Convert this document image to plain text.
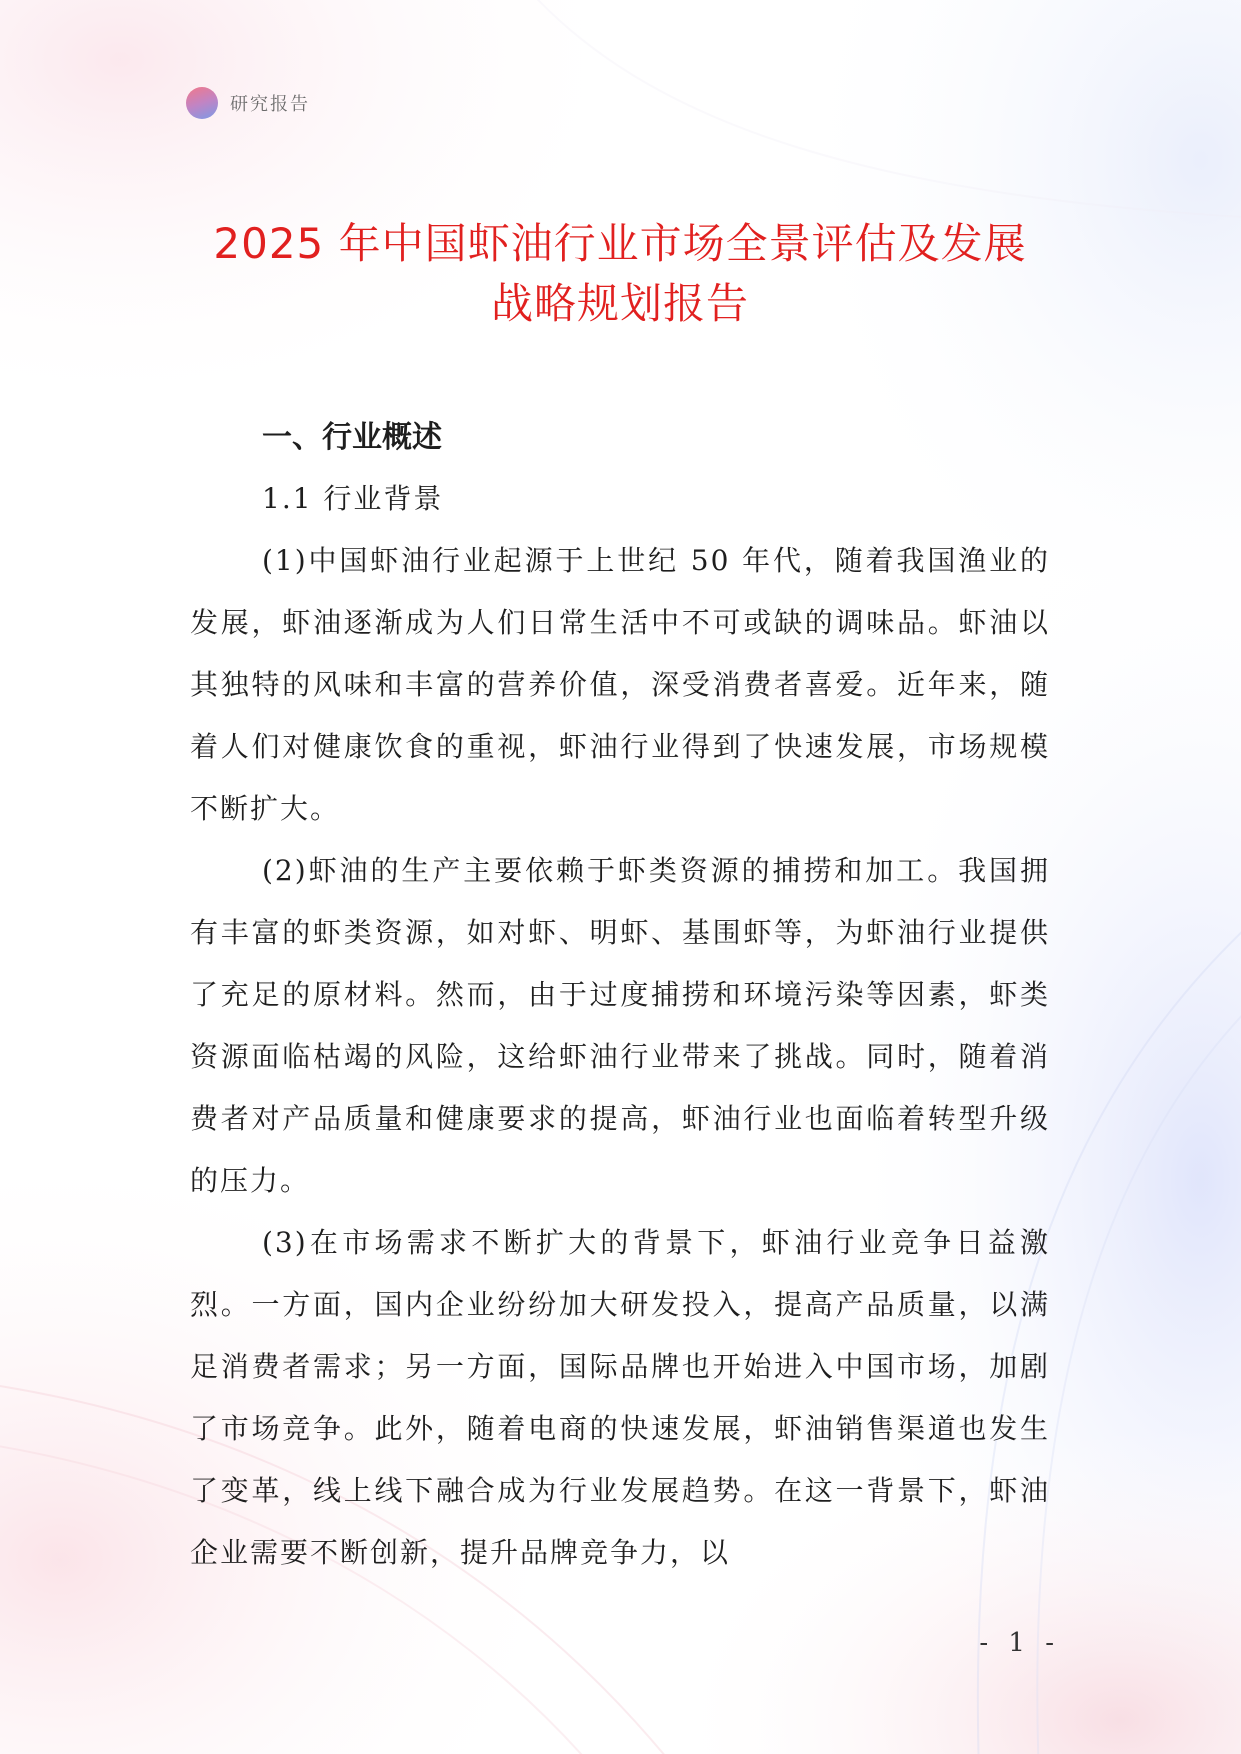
研究报告
2025 年中国虾油行业市场全景评估及发展
战略规划报告

一、行业概述

1.1 行业背景

(1)中国虾油行业起源于上世纪 50 年代，随着我国渔业的发展，虾油逐渐成为人们日常生活中不可或缺的调味品。虾油以其独特的风味和丰富的营养价值，深受消费者喜爱。近年来，随着人们对健康饮食的重视，虾油行业得到了快速发展，市场规模不断扩大。

(2)虾油的生产主要依赖于虾类资源的捕捞和加工。我国拥有丰富的虾类资源，如对虾、明虾、基围虾等，为虾油行业提供了充足的原材料。然而，由于过度捕捞和环境污染等因素，虾类资源面临枯竭的风险，这给虾油行业带来了挑战。同时，随着消费者对产品质量和健康要求的提高，虾油行业也面临着转型升级的压力。

(3)在市场需求不断扩大的背景下，虾油行业竞争日益激烈。一方面，国内企业纷纷加大研发投入，提高产品质量，以满足消费者需求；另一方面，国际品牌也开始进入中国市场，加剧了市场竞争。此外，随着电商的快速发展，虾油销售渠道也发生了变革，线上线下融合成为行业发展趋势。在这一背景下，虾油企业需要不断创新，提升品牌竞争力，以

- 1 -
